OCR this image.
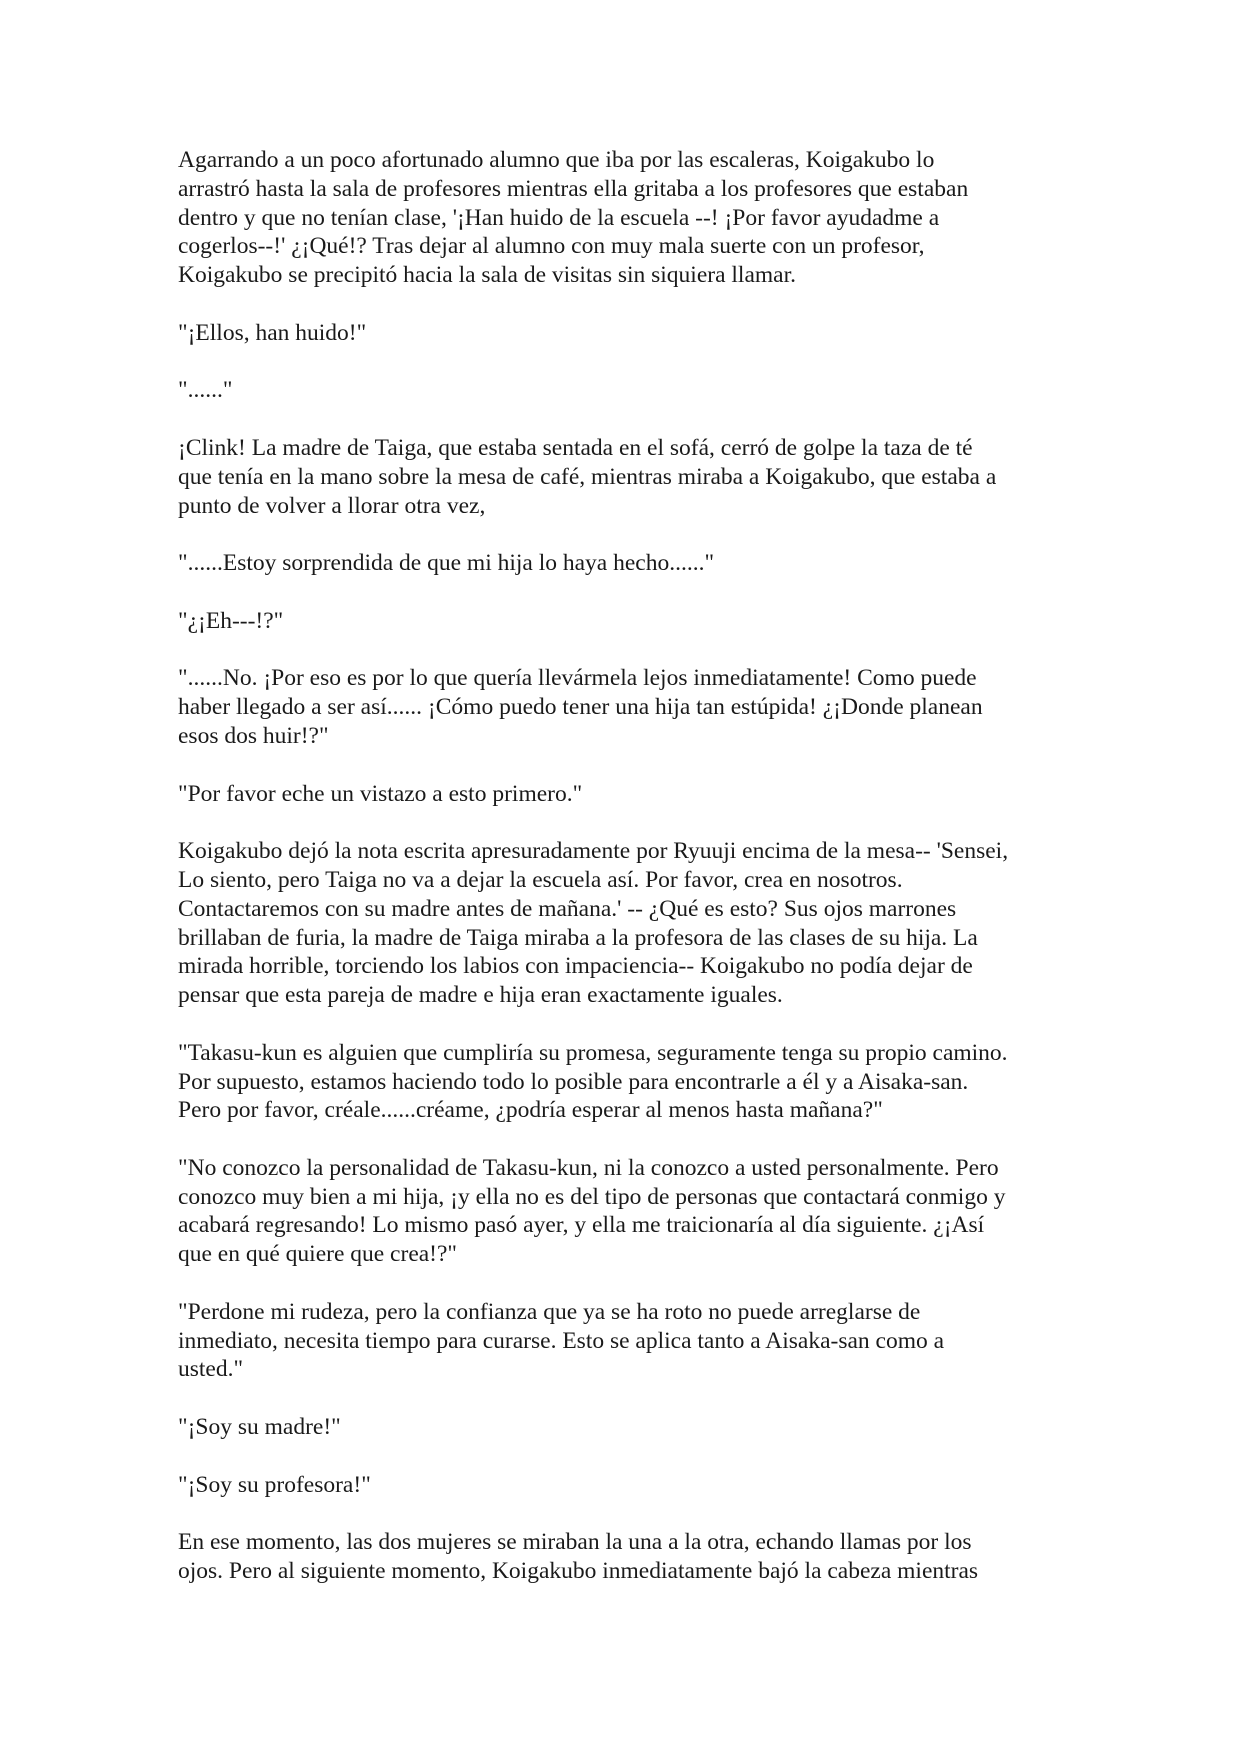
Agarrando a un poco afortunado alumno que iba por las escaleras, Koigakubo lo
arrastró hasta la sala de profesores mientras ella gritaba a los profesores que estaban
dentro y que no tenían clase, '¡Han huido de la escuela --! ¡Por favor ayudadme a
cogerlos--!' ¿¡Qué!? Tras dejar al alumno con muy mala suerte con un profesor,
Koigakubo se precipitó hacia la sala de visitas sin siquiera llamar.

"¡Ellos, han huido!"

"......"

¡Clink! La madre de Taiga, que estaba sentada en el sofá, cerró de golpe la taza de té
que tenía en la mano sobre la mesa de café, mientras miraba a Koigakubo, que estaba a
punto de volver a llorar otra vez,

"......Estoy sorprendida de que mi hija lo haya hecho......"

"¿¡Eh---!?"

"......No. ¡Por eso es por lo que quería llevármela lejos inmediatamente! Como puede
haber llegado a ser así...... ¡Cómo puedo tener una hija tan estúpida! ¿¡Donde planean
esos dos huir!?"

"Por favor eche un vistazo a esto primero."

Koigakubo dejó la nota escrita apresuradamente por Ryuuji encima de la mesa-- 'Sensei,
Lo siento, pero Taiga no va a dejar la escuela así. Por favor, crea en nosotros.
Contactaremos con su madre antes de mañana.' -- ¿Qué es esto? Sus ojos marrones
brillaban de furia, la madre de Taiga miraba a la profesora de las clases de su hija. La
mirada horrible, torciendo los labios con impaciencia-- Koigakubo no podía dejar de
pensar que esta pareja de madre e hija eran exactamente iguales.

"Takasu-kun es alguien que cumpliría su promesa, seguramente tenga su propio camino.
Por supuesto, estamos haciendo todo lo posible para encontrarle a él y a Aisaka-san.
Pero por favor, créale......créame, ¿podría esperar al menos hasta mañana?"

"No conozco la personalidad de Takasu-kun, ni la conozco a usted personalmente. Pero
conozco muy bien a mi hija, ¡y ella no es del tipo de personas que contactará conmigo y
acabará regresando! Lo mismo pasó ayer, y ella me traicionaría al día siguiente. ¿¡Así
que en qué quiere que crea!?"

"Perdone mi rudeza, pero la confianza que ya se ha roto no puede arreglarse de
inmediato, necesita tiempo para curarse. Esto se aplica tanto a Aisaka-san como a
usted."

"¡Soy su madre!"

"¡Soy su profesora!"

En ese momento, las dos mujeres se miraban la una a la otra, echando llamas por los
ojos. Pero al siguiente momento, Koigakubo inmediatamente bajó la cabeza mientras
